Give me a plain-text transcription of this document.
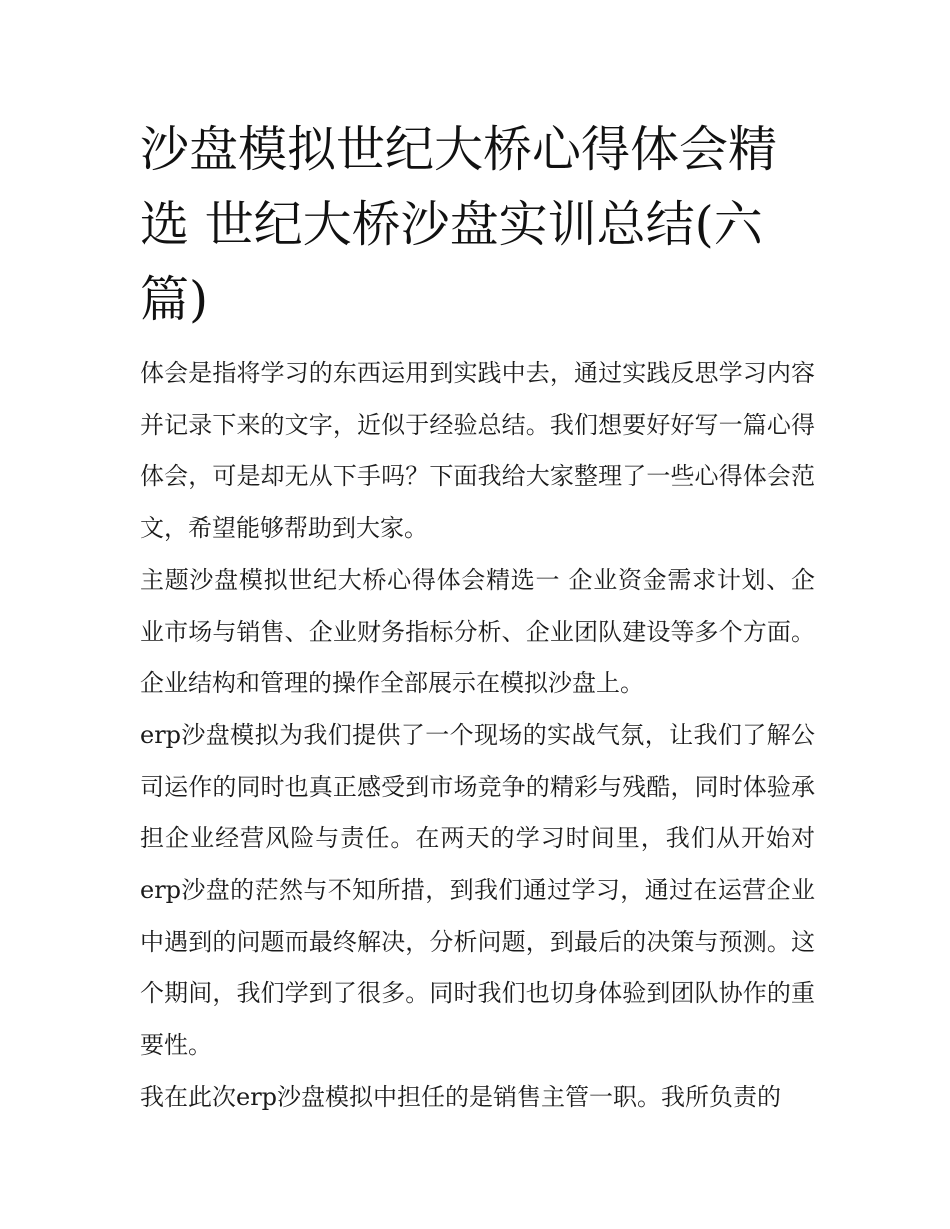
沙盘模拟世纪大桥心得体会精选 世纪大桥沙盘实训总结(六篇)

体会是指将学习的东西运用到实践中去，通过实践反思学习内容并记录下来的文字，近似于经验总结。我们想要好好写一篇心得体会，可是却无从下手吗？下面我给大家整理了一些心得体会范文，希望能够帮助到大家。

主题沙盘模拟世纪大桥心得体会精选一 企业资金需求计划、企业市场与销售、企业财务指标分析、企业团队建设等多个方面。企业结构和管理的操作全部展示在模拟沙盘上。

erp沙盘模拟为我们提供了一个现场的实战气氛，让我们了解公司运作的同时也真正感受到市场竞争的精彩与残酷，同时体验承担企业经营风险与责任。在两天的学习时间里，我们从开始对erp沙盘的茫然与不知所措，到我们通过学习，通过在运营企业中遇到的问题而最终解决，分析问题，到最后的决策与预测。这个期间，我们学到了很多。同时我们也切身体验到团队协作的重要性。

我在此次erp沙盘模拟中担任的是销售主管一职。我所负责的
